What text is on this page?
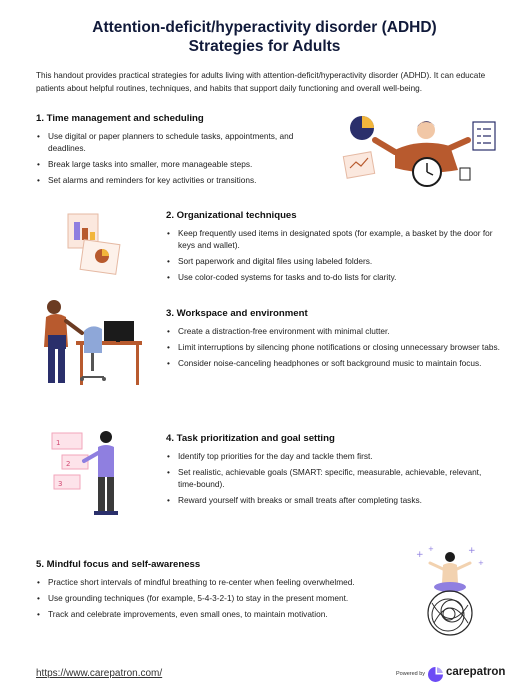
Attention-deficit/hyperactivity disorder (ADHD)
Strategies for Adults
This handout provides practical strategies for adults living with attention-deficit/hyperactivity disorder (ADHD). It can educate patients about helpful routines, techniques, and habits that support daily functioning and overall well-being.
1. Time management and scheduling
• Use digital or paper planners to schedule tasks, appointments, and deadlines.
• Break large tasks into smaller, more manageable steps.
• Set alarms and reminders for key activities or transitions.
2. Organizational techniques
• Keep frequently used items in designated spots (for example, a basket by the door for keys and wallet).
• Sort paperwork and digital files using labeled folders.
• Use color-coded systems for tasks and to-do lists for clarity.
3. Workspace and environment
• Create a distraction-free environment with minimal clutter.
• Limit interruptions by silencing phone notifications or closing unnecessary browser tabs.
• Consider noise-canceling headphones or soft background music to maintain focus.
1
2
3
4. Task prioritization and goal setting
• Identify top priorities for the day and tackle them first.
• Set realistic, achievable goals (SMART: specific, measurable, achievable, relevant, time-bound).
• Reward yourself with breaks or small treats after completing tasks.
5. Mindful focus and self-awareness
• Practice short intervals of mindful breathing to re-center when feeling overwhelmed.
• Use grounding techniques (for example, 5-4-3-2-1) to stay in the present moment.
• Track and celebrate improvements, even small ones, to maintain motivation.
+
+	+
+
https://www.carepatron.com/	Powered by carepatron
